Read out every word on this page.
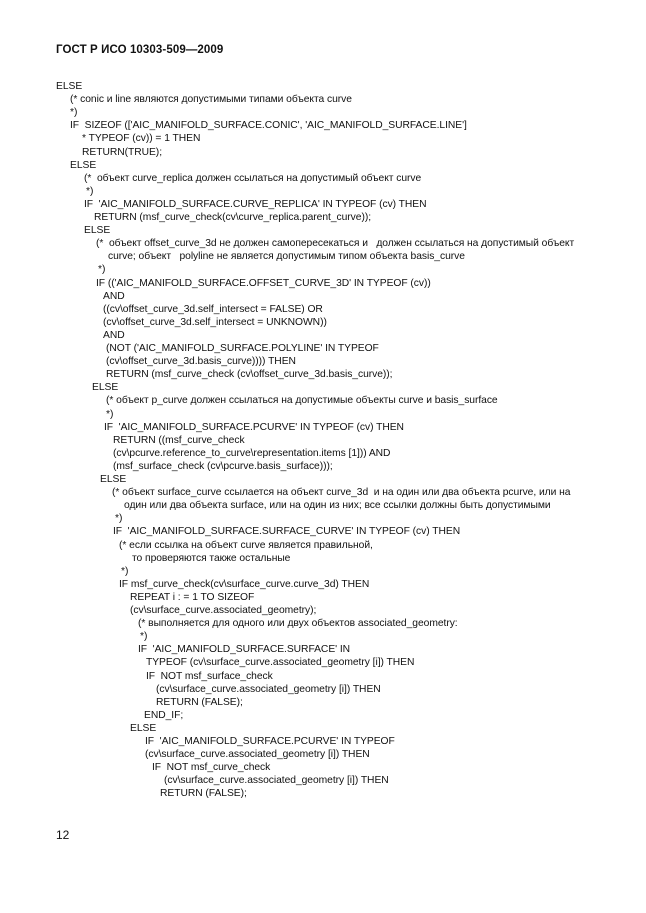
ГОСТ Р ИСО 10303-509—2009
ELSE
(* conic и line являются допустимыми типами объекта curve
*)
IF  SIZEOF (['AIC_MANIFOLD_SURFACE.CONIC', 'AIC_MANIFOLD_SURFACE.LINE']
* TYPEOF (cv)) = 1 THEN
RETURN(TRUE);
ELSE
(*  объект curve_replica должен ссылаться на допустимый объект curve
*)
IF  'AIC_MANIFOLD_SURFACE.CURVE_REPLICA' IN TYPEOF (cv) THEN
RETURN (msf_curve_check(cv\curve_replica.parent_curve));
ELSE
(*  объект offset_curve_3d не должен самопересекаться и   должен ссылаться на допустимый объект
curve; объект   polyline не является допустимым типом объекта basis_curve
*)
IF (('AIC_MANIFOLD_SURFACE.OFFSET_CURVE_3D' IN TYPEOF (cv))
AND
((cv\offset_curve_3d.self_intersect = FALSE) OR
(cv\offset_curve_3d.self_intersect = UNKNOWN))
AND
(NOT ('AIC_MANIFOLD_SURFACE.POLYLINE' IN TYPEOF
(cv\offset_curve_3d.basis_curve)))) THEN
RETURN (msf_curve_check (cv\offset_curve_3d.basis_curve));
ELSE
(* объект p_curve должен ссылаться на допустимые объекты curve и basis_surface
*)
IF  'AIC_MANIFOLD_SURFACE.PCURVE' IN TYPEOF (cv) THEN
RETURN ((msf_curve_check
(cv\pcurve.reference_to_curve\representation.items [1])) AND
(msf_surface_check (cv\pcurve.basis_surface)));
ELSE
(* объект surface_curve ссылается на объект curve_3d  и на один или два объекта pcurve, или на
один или два объекта surface, или на один из них; все ссылки должны быть допустимыми
*)
IF  'AIC_MANIFOLD_SURFACE.SURFACE_CURVE' IN TYPEOF (cv) THEN
(* если ссылка на объект curve является правильной,
то проверяются также остальные
*)
IF msf_curve_check(cv\surface_curve.curve_3d) THEN
REPEAT i : = 1 TO SIZEOF
(cv\surface_curve.associated_geometry);
(* выполняется для одного или двух объектов associated_geometry:
*)
IF  'AIC_MANIFOLD_SURFACE.SURFACE' IN
TYPEOF (cv\surface_curve.associated_geometry [i]) THEN
IF  NOT msf_surface_check
(cv\surface_curve.associated_geometry [i]) THEN
RETURN (FALSE);
END_IF;
ELSE
IF  'AIC_MANIFOLD_SURFACE.PCURVE' IN TYPEOF
(cv\surface_curve.associated_geometry [i]) THEN
IF  NOT msf_curve_check
(cv\surface_curve.associated_geometry [i]) THEN
RETURN (FALSE);
12
